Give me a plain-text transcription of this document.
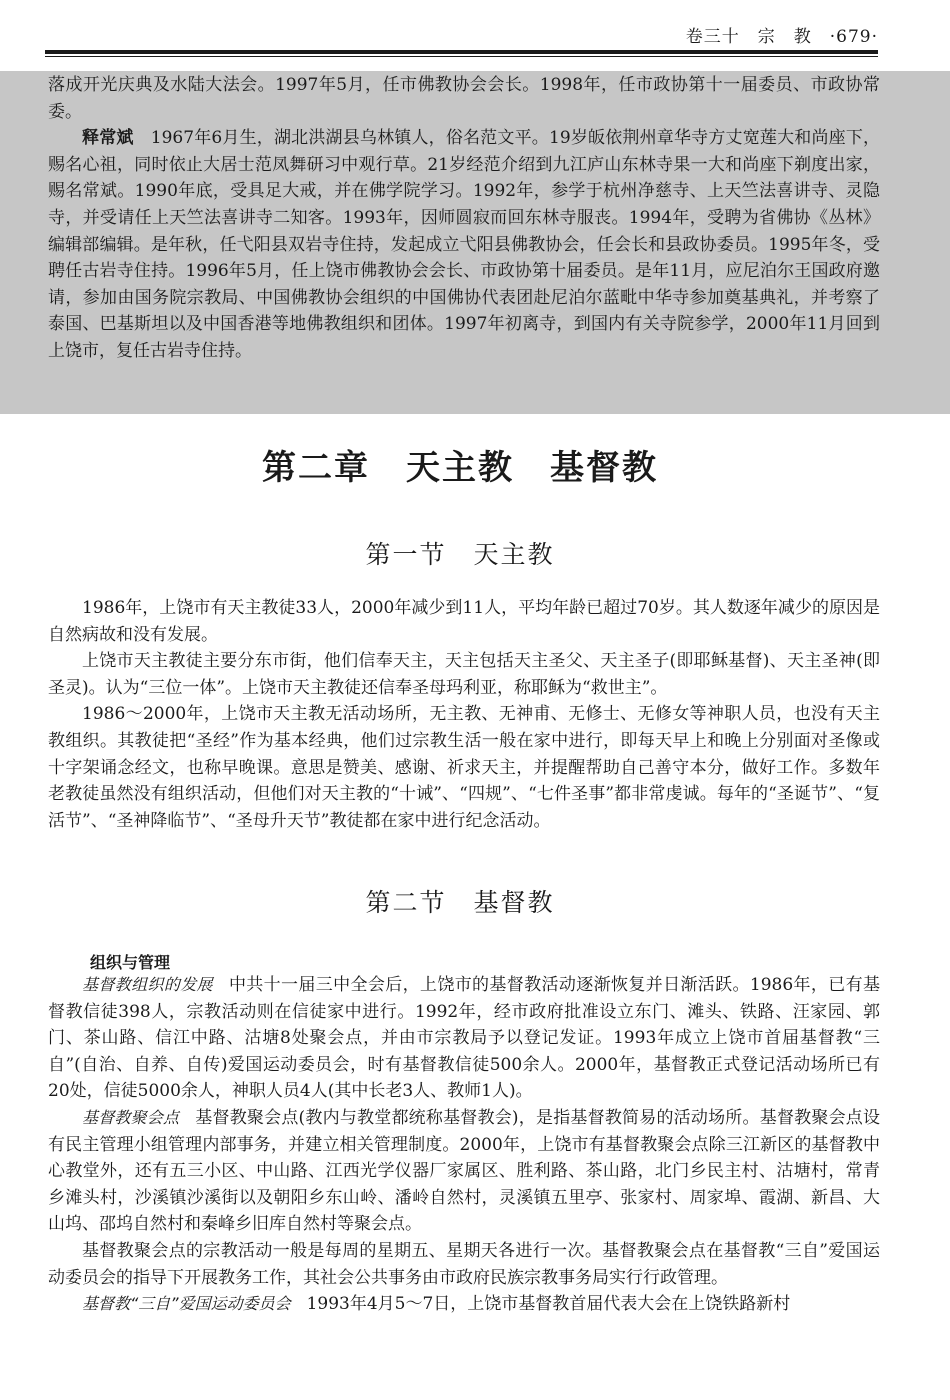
卷三十　宗　教　·679·

落成开光庆典及水陆大法会。1997年5月，任市佛教协会会长。1998年，任市政协第十一届委员、市政协常委。

释常斌　 1967年6月生，湖北洪湖县乌林镇人，俗名范文平。19岁皈依荆州章华寺方丈宽莲大和尚座下，赐名心祖，同时依止大居士范凤舞研习中观行草。21岁经范介绍到九江庐山东林寺果一大和尚座下剃度出家，赐名常斌。1990年底，受具足大戒，并在佛学院学习。1992年，参学于杭州净慈寺、上天竺法喜讲寺、灵隐寺，并受请任上天竺法喜讲寺二知客。1993年，因师圆寂而回东林寺服丧。1994年，受聘为省佛协《丛林》编辑部编辑。是年秋，任弋阳县双岩寺住持，发起成立弋阳县佛教协会，任会长和县政协委员。1995年冬，受聘任古岩寺住持。1996年5月，任上饶市佛教协会会长、市政协第十届委员。是年11月，应尼泊尔王国政府邀请，参加由国务院宗教局、中国佛教协会组织的中国佛协代表团赴尼泊尔蓝毗中华寺参加奠基典礼，并考察了泰国、巴基斯坦以及中国香港等地佛教组织和团体。1997年初离寺，到国内有关寺院参学，2000年11月回到上饶市，复任古岩寺住持。

第二章　天主教　基督教
第一节　天主教

1986年，上饶市有天主教徒33人，2000年减少到11人，平均年龄已超过70岁。其人数逐年减少的原因是自然病故和没有发展。

上饶市天主教徒主要分东市街，他们信奉天主，天主包括天主圣父、天主圣子(即耶稣基督)、天主圣神(即圣灵)。认为“三位一体”。上饶市天主教徒还信奉圣母玛利亚，称耶稣为“救世主”。

1986～2000年，上饶市天主教无活动场所，无主教、无神甫、无修士、无修女等神职人员，也没有天主教组织。其教徒把“圣经”作为基本经典，他们过宗教生活一般在家中进行，即每天早上和晚上分别面对圣像或十字架诵念经文，也称早晚课。意思是赞美、感谢、祈求天主，并提醒帮助自己善守本分，做好工作。多数年老教徒虽然没有组织活动，但他们对天主教的“十诫”、“四规”、“七件圣事”都非常虔诚。每年的“圣诞节”、“复活节”、“圣神降临节”、“圣母升天节”教徒都在家中进行纪念活动。

第二节　基督教
组织与管理

基督教组织的发展 中共十一届三中全会后，上饶市的基督教活动逐渐恢复并日渐活跃。1986年，已有基督教信徒398人，宗教活动则在信徒家中进行。1992年，经市政府批准设立东门、滩头、铁路、汪家园、郭门、茶山路、信江中路、沽塘8处聚会点，并由市宗教局予以登记发证。1993年成立上饶市首届基督教“三自”(自治、自养、自传)爱国运动委员会，时有基督教信徒500余人。2000年，基督教正式登记活动场所已有20处，信徒5000余人，神职人员4人(其中长老3人、教师1人)。

基督教聚会点 基督教聚会点(教内与教堂都统称基督教会)，是指基督教简易的活动场所。基督教聚会点设有民主管理小组管理内部事务，并建立相关管理制度。2000年，上饶市有基督教聚会点除三江新区的基督教中心教堂外，还有五三小区、中山路、江西光学仪器厂家属区、胜利路、茶山路，北门乡民主村、沽塘村，常青乡滩头村，沙溪镇沙溪街以及朝阳乡东山岭、潘岭自然村，灵溪镇五里亭、张家村、周家埠、霞湖、新昌、大山坞、邵坞自然村和秦峰乡旧库自然村等聚会点。

基督教聚会点的宗教活动一般是每周的星期五、星期天各进行一次。基督教聚会点在基督教“三自”爱国运动委员会的指导下开展教务工作，其社会公共事务由市政府民族宗教事务局实行行政管理。

基督教“三自”爱国运动委员会 1993年4月5～7日，上饶市基督教首届代表大会在上饶铁路新村
